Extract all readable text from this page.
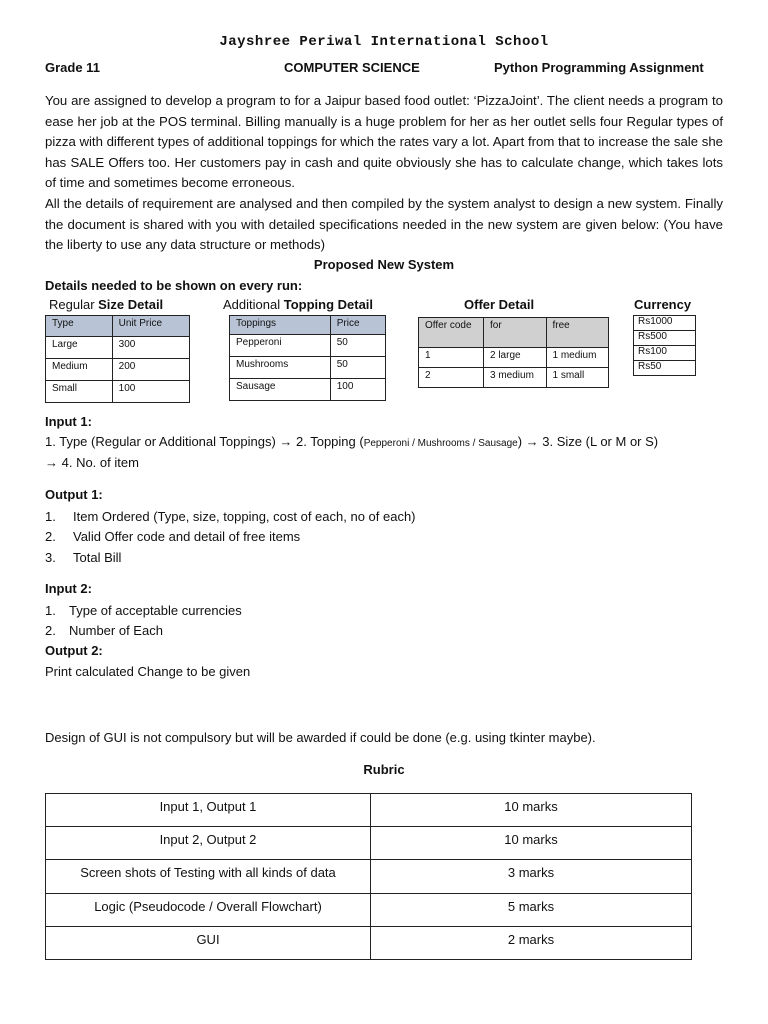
Jayshree Periwal International School
Grade 11	COMPUTER SCIENCE	Python Programming Assignment
You are assigned to develop a program to for a Jaipur based food outlet: ‘PizzaJoint’. The client needs a program to ease her job at the POS terminal. Billing manually is a huge problem for her as her outlet sells four Regular types of pizza with different types of additional toppings for which the rates vary a lot. Apart from that to increase the sale she has SALE Offers too. Her customers pay in cash and quite obviously she has to calculate change, which takes lots of time and sometimes become erroneous.
All the details of requirement are analysed and then compiled by the system analyst to design a new system. Finally the document is shared with you with detailed specifications needed in the new system are given below: (You have the liberty to use any data structure or methods)
Proposed New System
Details needed to be shown on every run:
Regular Size Detail
Type	Unit Price
Large	300
Medium	200
Small	100
Additional Topping Detail
Toppings	Price
Pepperoni	50
Mushrooms	50
Sausage	100
Offer Detail
Offer code	for	free
1	2 large	1 medium
2	3 medium	1 small
Currency
Rs1000
Rs500
Rs100
Rs50
Input 1:
1. Type (Regular or Additional Toppings) → 2. Topping (Pepperoni / Mushrooms / Sausage) → 3. Size (L or M or S)
→ 4. No. of item
Output 1:
1. Item Ordered (Type, size, topping, cost of each, no of each)
2. Valid Offer code and detail of free items
3. Total Bill
Input 2:
1. Type of acceptable currencies
2. Number of Each
Output 2:
Print calculated Change to be given
Design of GUI is not compulsory but will be awarded if could be done (e.g. using tkinter maybe).
Rubric
Input 1, Output 1	10 marks
Input 2, Output 2	10 marks
Screen shots of Testing with all kinds of data	3 marks
Logic (Pseudocode / Overall Flowchart)	5 marks
GUI	2 marks
